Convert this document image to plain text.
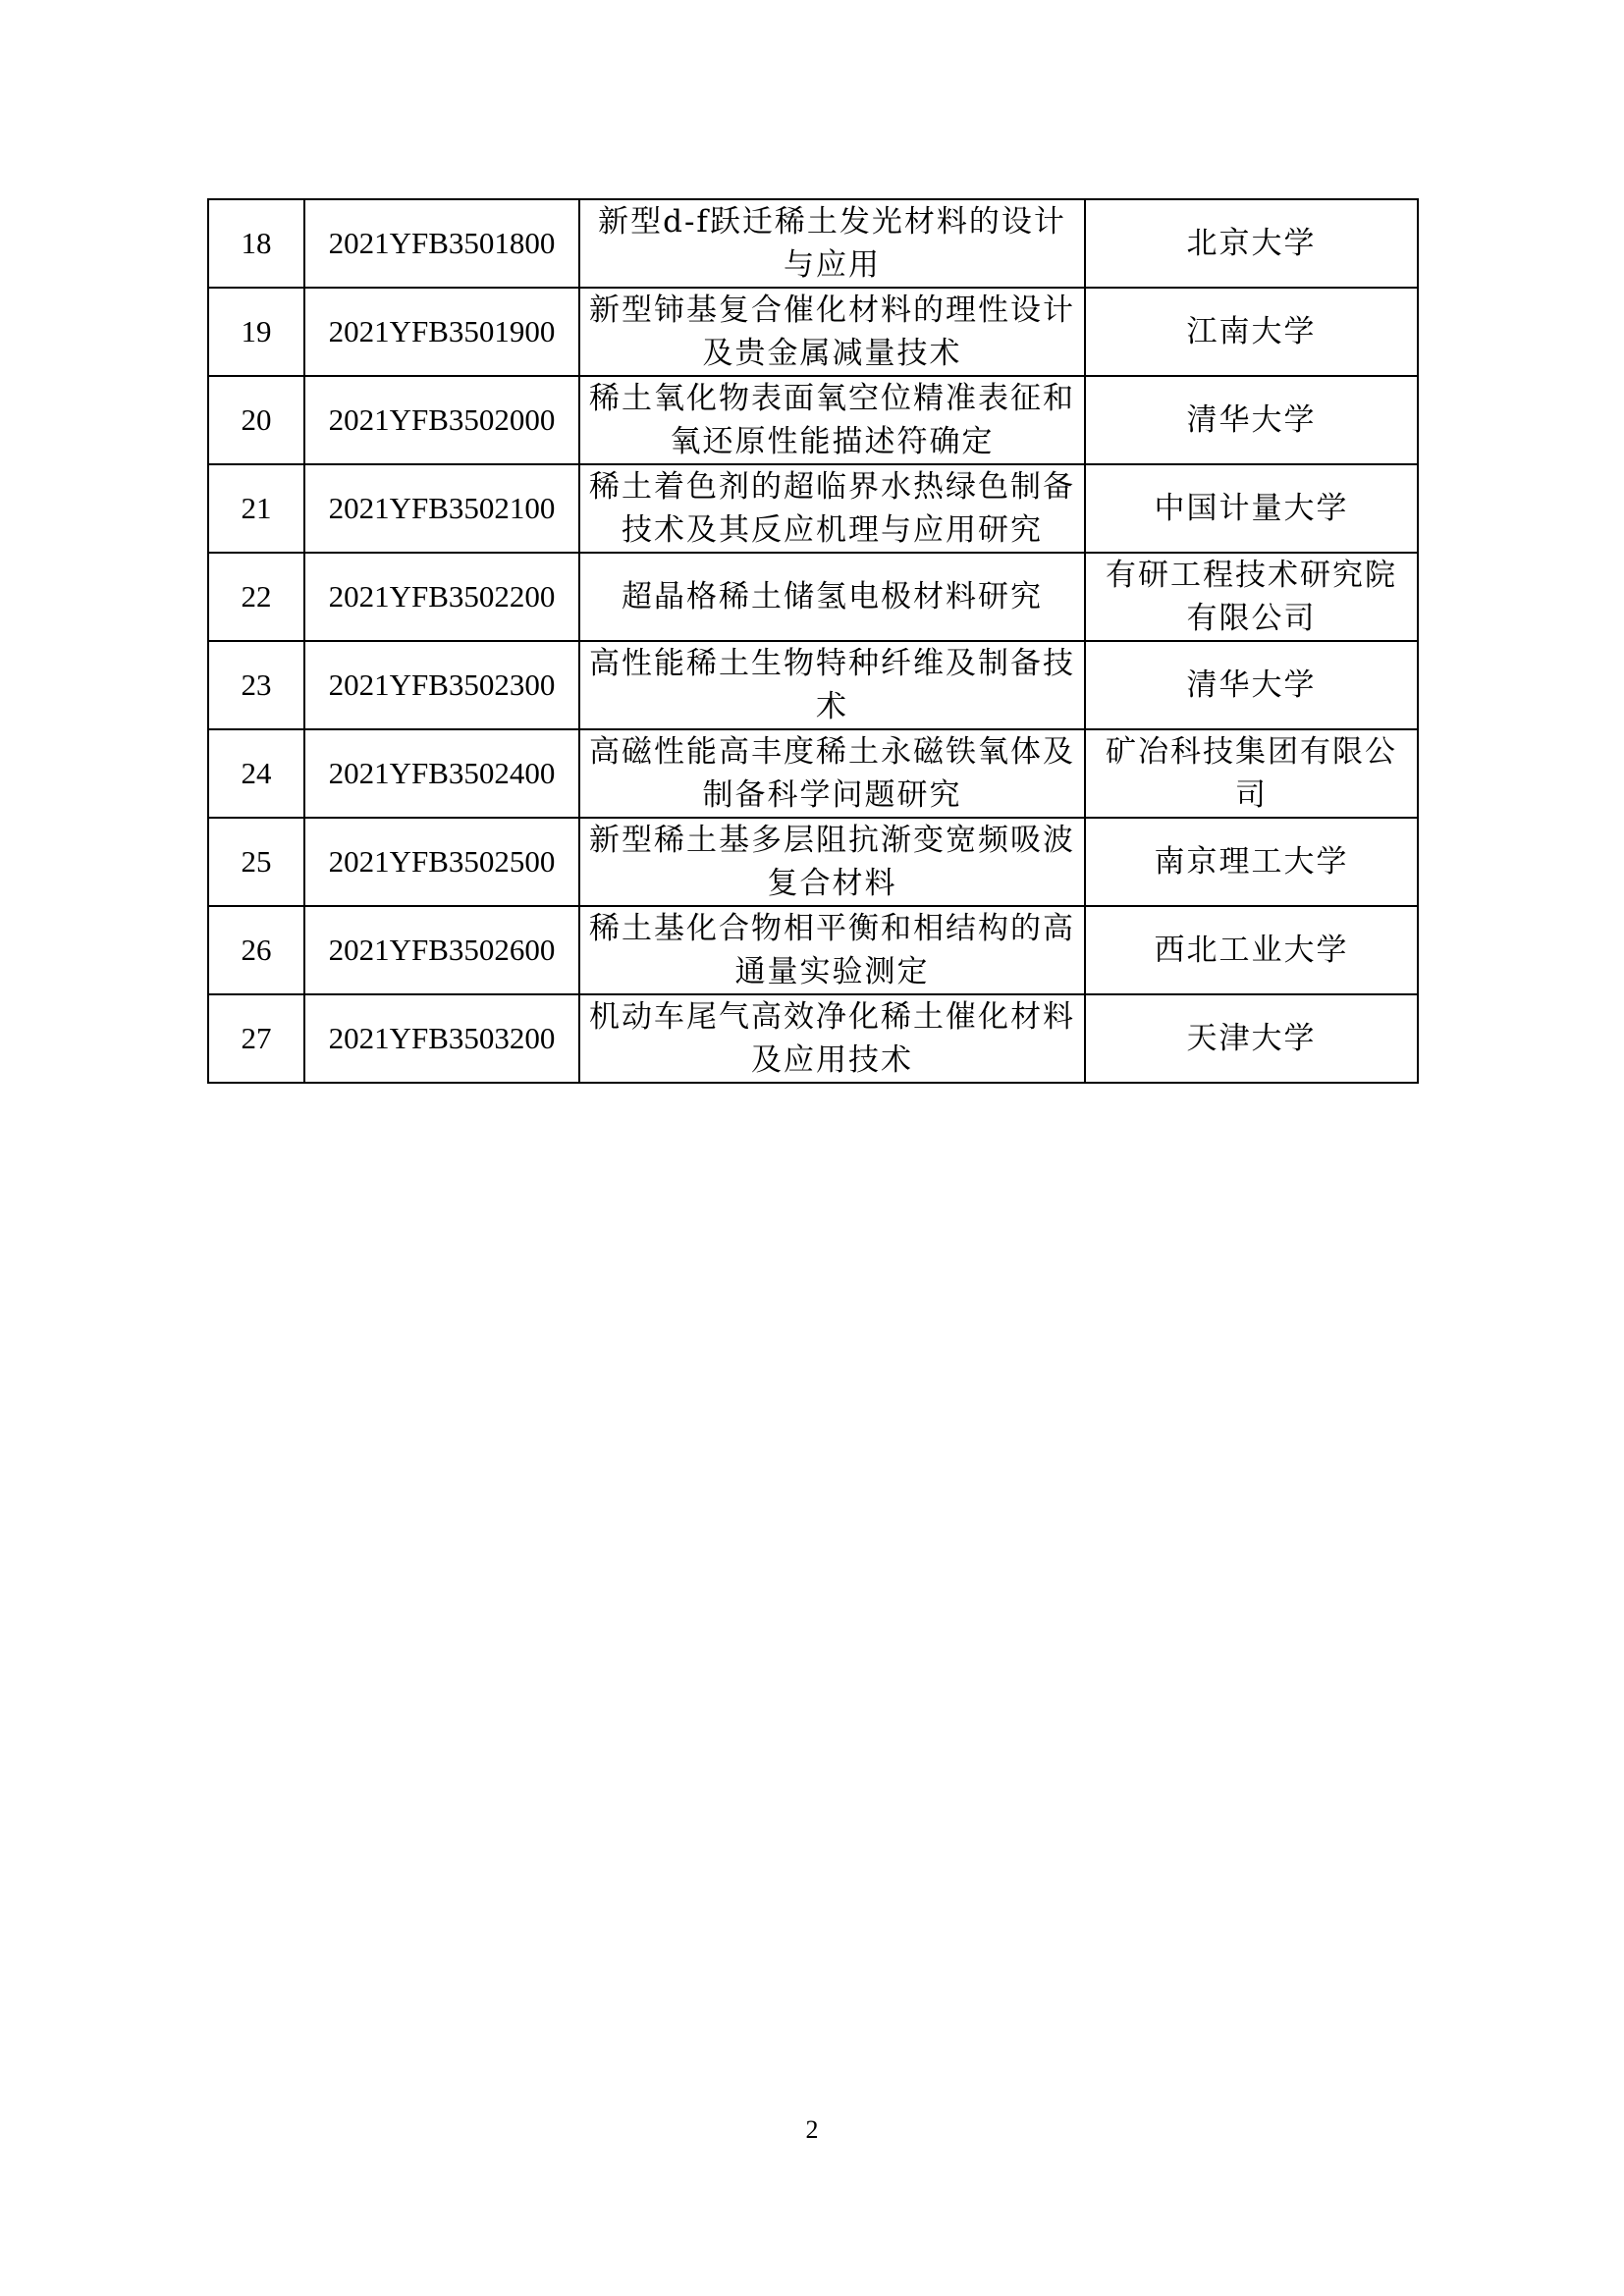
18	2021YFB3501800	新型d-f跃迁稀土发光材料的设计与应用	北京大学
19	2021YFB3501900	新型铈基复合催化材料的理性设计及贵金属减量技术	江南大学
20	2021YFB3502000	稀土氧化物表面氧空位精准表征和氧还原性能描述符确定	清华大学
21	2021YFB3502100	稀土着色剂的超临界水热绿色制备技术及其反应机理与应用研究	中国计量大学
22	2021YFB3502200	超晶格稀土储氢电极材料研究	有研工程技术研究院有限公司
23	2021YFB3502300	高性能稀土生物特种纤维及制备技术	清华大学
24	2021YFB3502400	高磁性能高丰度稀土永磁铁氧体及制备科学问题研究	矿冶科技集团有限公司
25	2021YFB3502500	新型稀土基多层阻抗渐变宽频吸波复合材料	南京理工大学
26	2021YFB3502600	稀土基化合物相平衡和相结构的高通量实验测定	西北工业大学
27	2021YFB3503200	机动车尾气高效净化稀土催化材料及应用技术	天津大学
2
